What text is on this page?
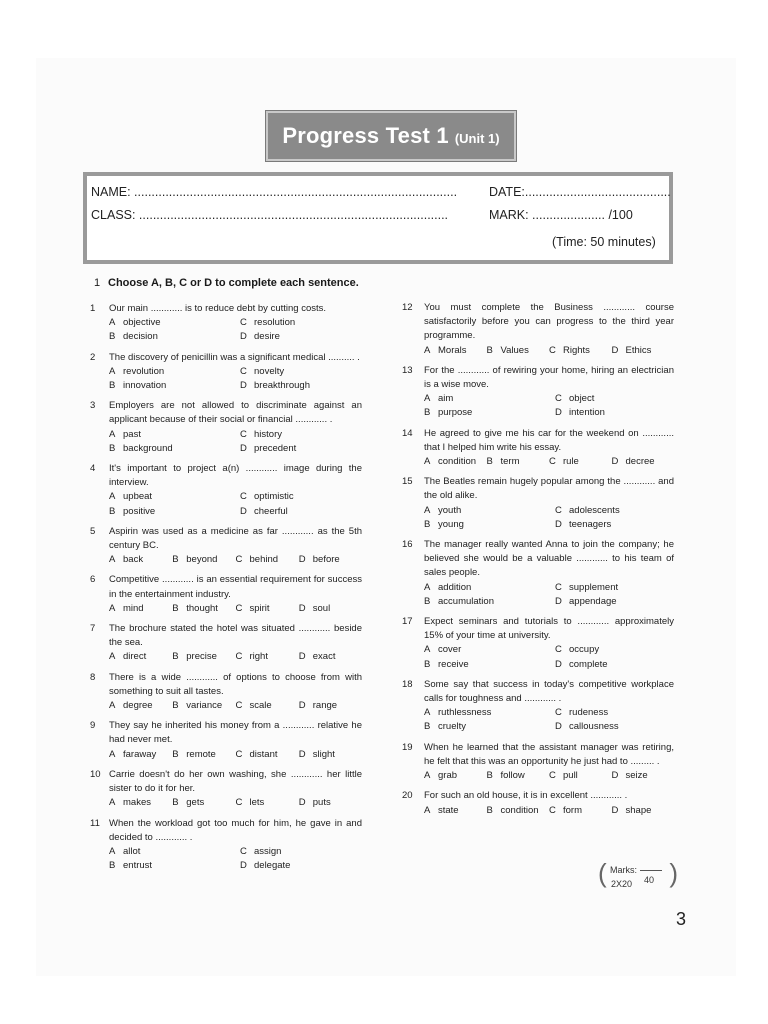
Progress Test 1 (Unit 1)
NAME: .............................................................................................	DATE:..........................................
CLASS: .........................................................................................	MARK: ..................... /100
(Time: 50 minutes)
1 Choose A, B, C or D to complete each sentence.
1	Our main ............ is to reduce debt by cutting costs.
A objective	C resolution
B decision	D desire
2	The discovery of penicillin was a significant medical .......... .
A revolution	C novelty
B innovation	D breakthrough
3	Employers are not allowed to discriminate against an applicant because of their social or financial ............ .
A past	C history
B background	D precedent
4	It's important to project a(n) ............ image during the interview.
A upbeat	C optimistic
B positive	D cheerful
5	Aspirin was used as a medicine as far ............ as the 5th century BC.
A back	B beyond	C behind	D before
6	Competitive ............ is an essential requirement for success in the entertainment industry.
A mind	B thought	C spirit	D soul
7	The brochure stated the hotel was situated ............ beside the sea.
A direct	B precise	C right	D exact
8	There is a wide ............ of options to choose from with something to suit all tastes.
A degree	B variance	C scale	D range
9	They say he inherited his money from a ............ relative he had never met.
A faraway	B remote	C distant	D slight
10 Carrie doesn't do her own washing, she ............ her little sister to do it for her.
A makes	B gets	C lets	D puts
11 When the workload got too much for him, he gave in and decided to ............ .
A allot	C assign
B entrust	D delegate
12	You must complete the Business ............ course satisfactorily before you can progress to the third year programme.
A Morals	B Values	C Rights	D Ethics
13	For the ............ of rewiring your home, hiring an electrician is a wise move.
A aim	C object
B purpose	D intention
14	He agreed to give me his car for the weekend on ............ that I helped him write his essay.
A condition	B term	C rule	D decree
15	The Beatles remain hugely popular among the ............ and the old alike.
A youth	C adolescents
B young	D teenagers
16	The manager really wanted Anna to join the company; he believed she would be a valuable ............ to his team of sales people.
A addition	C supplement
B accumulation	D appendage
17	Expect seminars and tutorials to ............ approximately 15% of your time at university.
A cover	C occupy
B receive	D complete
18	Some say that success in today's competitive workplace calls for toughness and ............ .
A ruthlessness	C rudeness
B cruelty	D callousness
19	When he learned that the assistant manager was retiring, he felt that this was an opportunity he just had to ......... .
A grab	B follow	C pull	D seize
20	For such an old house, it is in excellent ............ .
A state	B condition	C form	D shape
( Marks:
40
2X20 )
3
